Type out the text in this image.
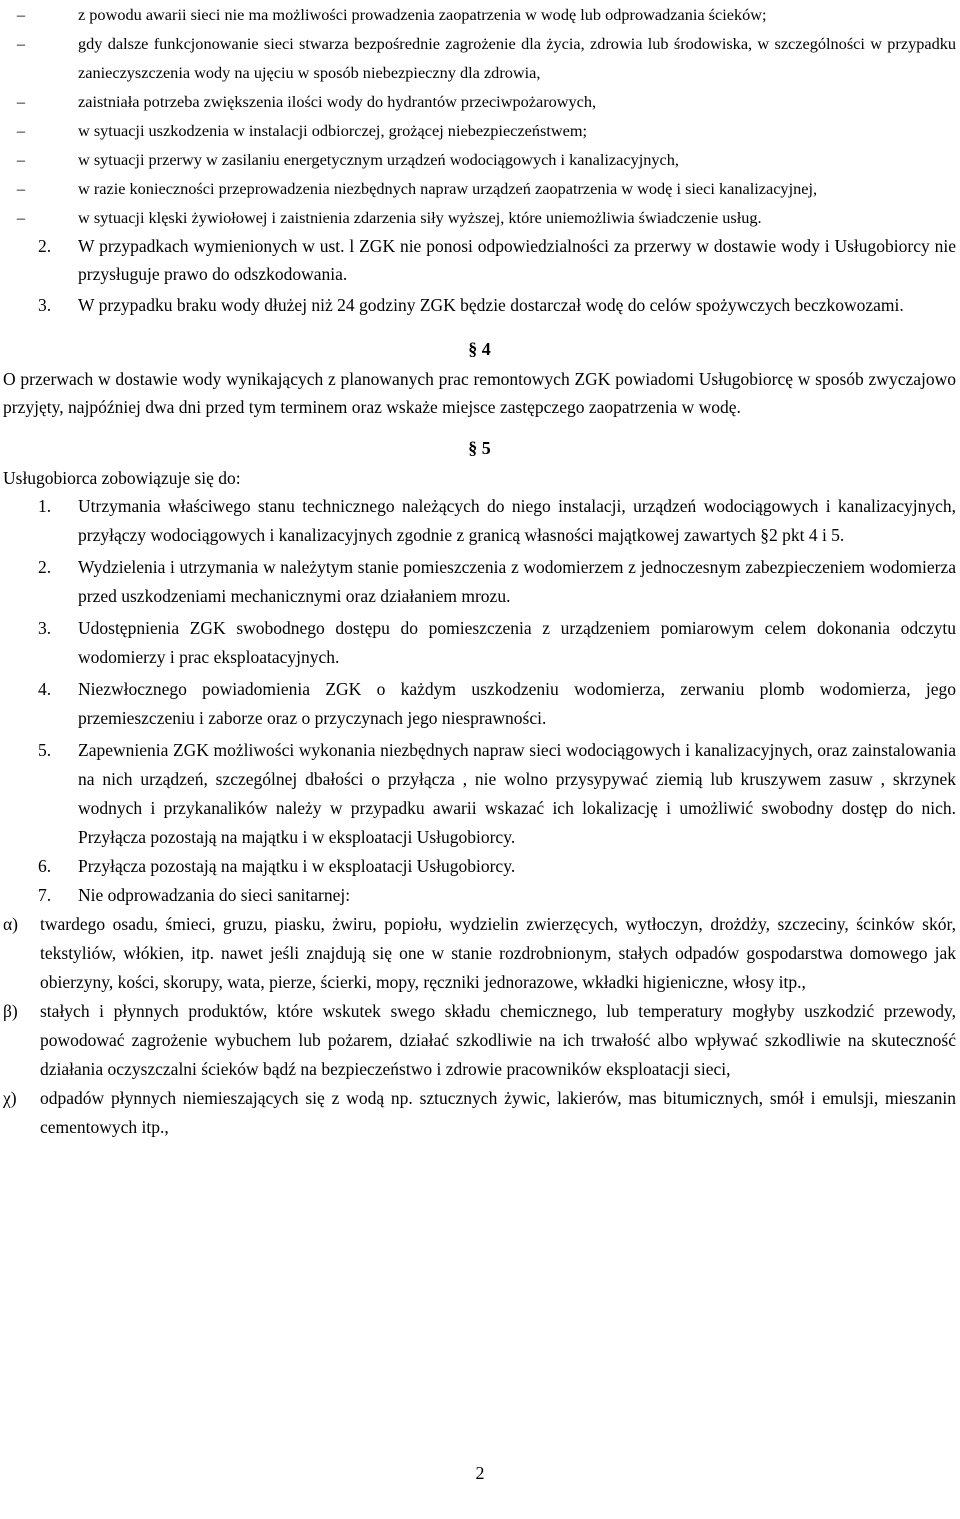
–	z powodu awarii sieci nie ma możliwości prowadzenia zaopatrzenia w wodę lub odprowadzania ścieków;
–	gdy dalsze funkcjonowanie sieci stwarza bezpośrednie zagrożenie dla życia, zdrowia lub środowiska, w szczególności w przypadku zanieczyszczenia wody na ujęciu w sposób niebezpieczny dla zdrowia,
–	zaistniała potrzeba zwiększenia ilości wody do hydrantów przeciwpożarowych,
–	w sytuacji uszkodzenia w instalacji odbiorczej, grożącej niebezpieczeństwem;
–	w sytuacji przerwy w zasilaniu energetycznym urządzeń wodociągowych i kanalizacyjnych,
–	w razie konieczności przeprowadzenia niezbędnych napraw urządzeń zaopatrzenia w wodę i sieci kanalizacyjnej,
–	w sytuacji klęski żywiołowej i zaistnienia zdarzenia siły wyższej, które uniemożliwia świadczenie usług.
2. W przypadkach wymienionych w ust. l ZGK nie ponosi odpowiedzialności za przerwy w dostawie wody i Usługobiorcy nie przysługuje prawo do odszkodowania.
3. W przypadku braku wody dłużej niż 24 godziny ZGK będzie dostarczał wodę do celów spożywczych beczkowozami.
§ 4
O przerwach w dostawie wody wynikających z planowanych prac remontowych ZGK powiadomi Usługobiorcę w sposób zwyczajowo przyjęty, najpóźniej dwa dni przed tym terminem oraz wskaże miejsce zastępczego zaopatrzenia w wodę.
§ 5
Usługobiorca zobowiązuje się do:
1. Utrzymania właściwego stanu technicznego należących do niego instalacji, urządzeń wodociągowych i kanalizacyjnych, przyłączy wodociągowych i kanalizacyjnych zgodnie z granicą własności majątkowej zawartych §2 pkt 4 i 5.
2. Wydzielenia i utrzymania w należytym stanie pomieszczenia z wodomierzem z jednoczesnym zabezpieczeniem wodomierza przed uszkodzeniami mechanicznymi oraz działaniem mrozu.
3. Udostępnienia ZGK swobodnego dostępu do pomieszczenia z urządzeniem pomiarowym celem dokonania odczytu wodomierzy i prac eksploatacyjnych.
4. Niezwłocznego powiadomienia ZGK o każdym uszkodzeniu wodomierza, zerwaniu plomb wodomierza, jego przemieszczeniu i zaborze oraz o przyczynach jego niesprawności.
5. Zapewnienia ZGK możliwości wykonania niezbędnych napraw sieci wodociągowych i kanalizacyjnych, oraz zainstalowania na nich urządzeń, szczególnej dbałości o przyłącza , nie wolno przysypywać ziemią lub kruszywem zasuw , skrzynek wodnych i przykanalików należy w przypadku awarii wskazać ich lokalizację i umożliwić swobodny dostęp do nich. Przyłącza pozostają na majątku i w eksploatacji Usługobiorcy.
6. Przyłącza pozostają na majątku i w eksploatacji Usługobiorcy.
7. Nie odprowadzania do sieci sanitarnej:
α) twardego osadu, śmieci, gruzu, piasku, żwiru, popiołu, wydzielin zwierzęcych, wytłoczyn, drożdży, szczeciny, ścinków skór, tekstyliów, włókien, itp. nawet jeśli znajdują się one w stanie rozdrobnionym, stałych odpadów gospodarstwa domowego jak obierzyny, kości, skorupy, wata, pierze, ścierki, mopy, ręczniki jednorazowe, wkładki higieniczne, włosy itp.,
β) stałych i płynnych produktów, które wskutek swego składu chemicznego, lub temperatury mogłyby uszkodzić przewody, powodować zagrożenie wybuchem lub pożarem, działać szkodliwie na ich trwałość albo wpływać szkodliwie na skuteczność działania oczyszczalni ścieków bądź na bezpieczeństwo i zdrowie pracowników eksploatacji sieci,
χ) odpadów płynnych niemieszających się z wodą np. sztucznych żywic, lakierów, mas bitumicznych, smół i emulsji, mieszanin cementowych itp.,
2
